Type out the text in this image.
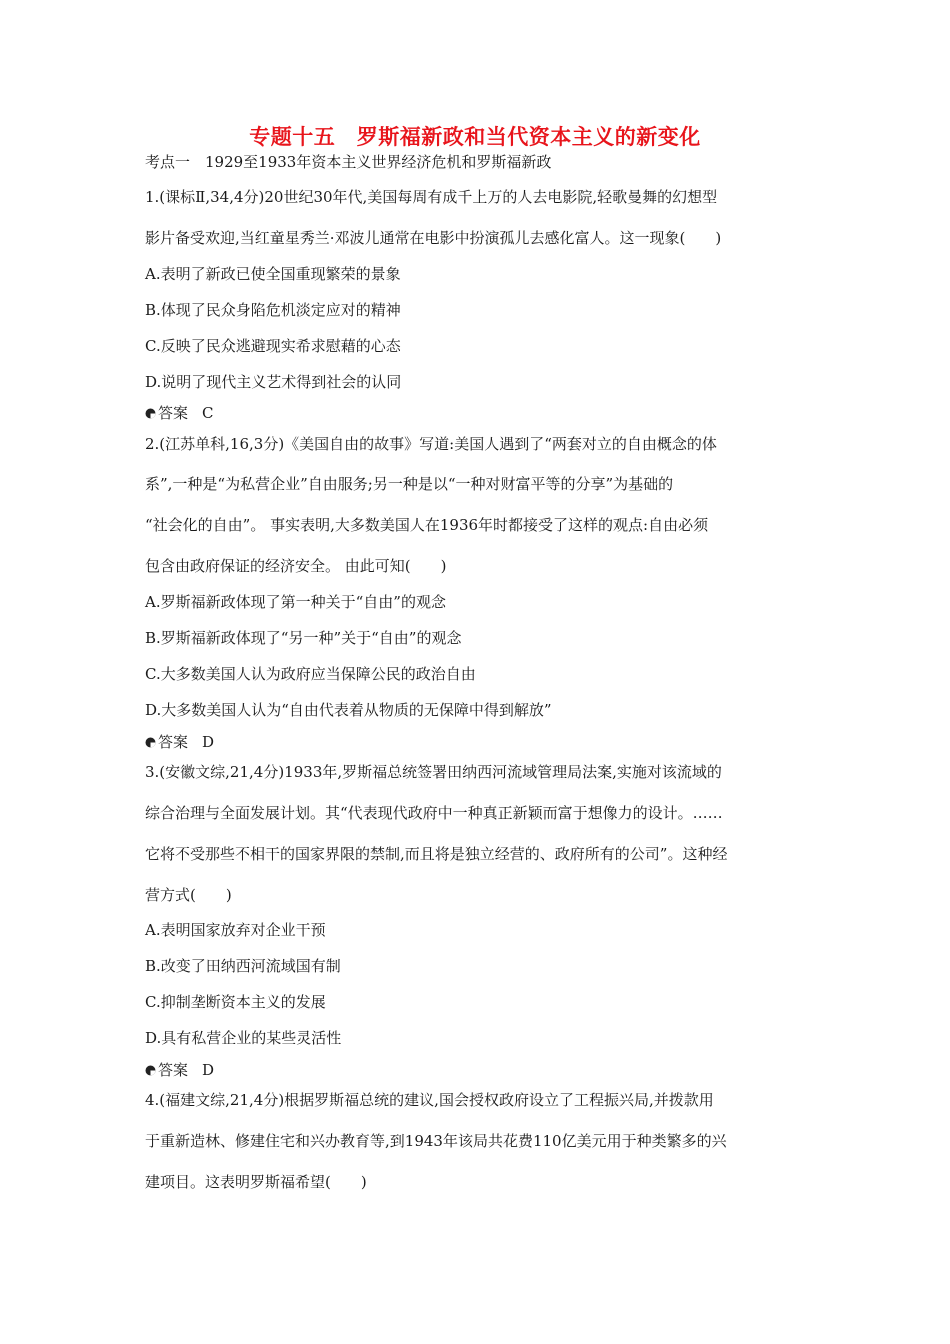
专题十五　罗斯福新政和当代资本主义的新变化
考点一　1929至1933年资本主义世界经济危机和罗斯福新政
1.(课标Ⅱ,34,4分)20世纪30年代,美国每周有成千上万的人去电影院,轻歌曼舞的幻想型
影片备受欢迎,当红童星秀兰·邓波儿通常在电影中扮演孤儿去感化富人。这一现象(　　)
A.表明了新政已使全国重现繁荣的景象
B.体现了民众身陷危机淡定应对的精神
C.反映了民众逃避现实希求慰藉的心态
D.说明了现代主义艺术得到社会的认同
答案 C
2.(江苏单科,16,3分)《美国自由的故事》写道:美国人遇到了“两套对立的自由概念的体
系”,一种是“为私营企业”自由服务;另一种是以“一种对财富平等的分享”为基础的
“社会化的自由”。 事实表明,大多数美国人在1936年时都接受了这样的观点:自由必须
包含由政府保证的经济安全。 由此可知(　　)
A.罗斯福新政体现了第一种关于“自由”的观念
B.罗斯福新政体现了“另一种”关于“自由”的观念
C.大多数美国人认为政府应当保障公民的政治自由
D.大多数美国人认为“自由代表着从物质的无保障中得到解放”
答案 D
3.(安徽文综,21,4分)1933年,罗斯福总统签署田纳西河流域管理局法案,实施对该流域的
综合治理与全面发展计划。其“代表现代政府中一种真正新颖而富于想像力的设计。……
它将不受那些不相干的国家界限的禁制,而且将是独立经营的、政府所有的公司”。这种经
营方式(　　)
A.表明国家放弃对企业干预
B.改变了田纳西河流域国有制
C.抑制垄断资本主义的发展
D.具有私营企业的某些灵活性
答案 D
4.(福建文综,21,4分)根据罗斯福总统的建议,国会授权政府设立了工程振兴局,并拨款用
于重新造林、修建住宅和兴办教育等,到1943年该局共花费110亿美元用于种类繁多的兴
建项目。这表明罗斯福希望(　　)
